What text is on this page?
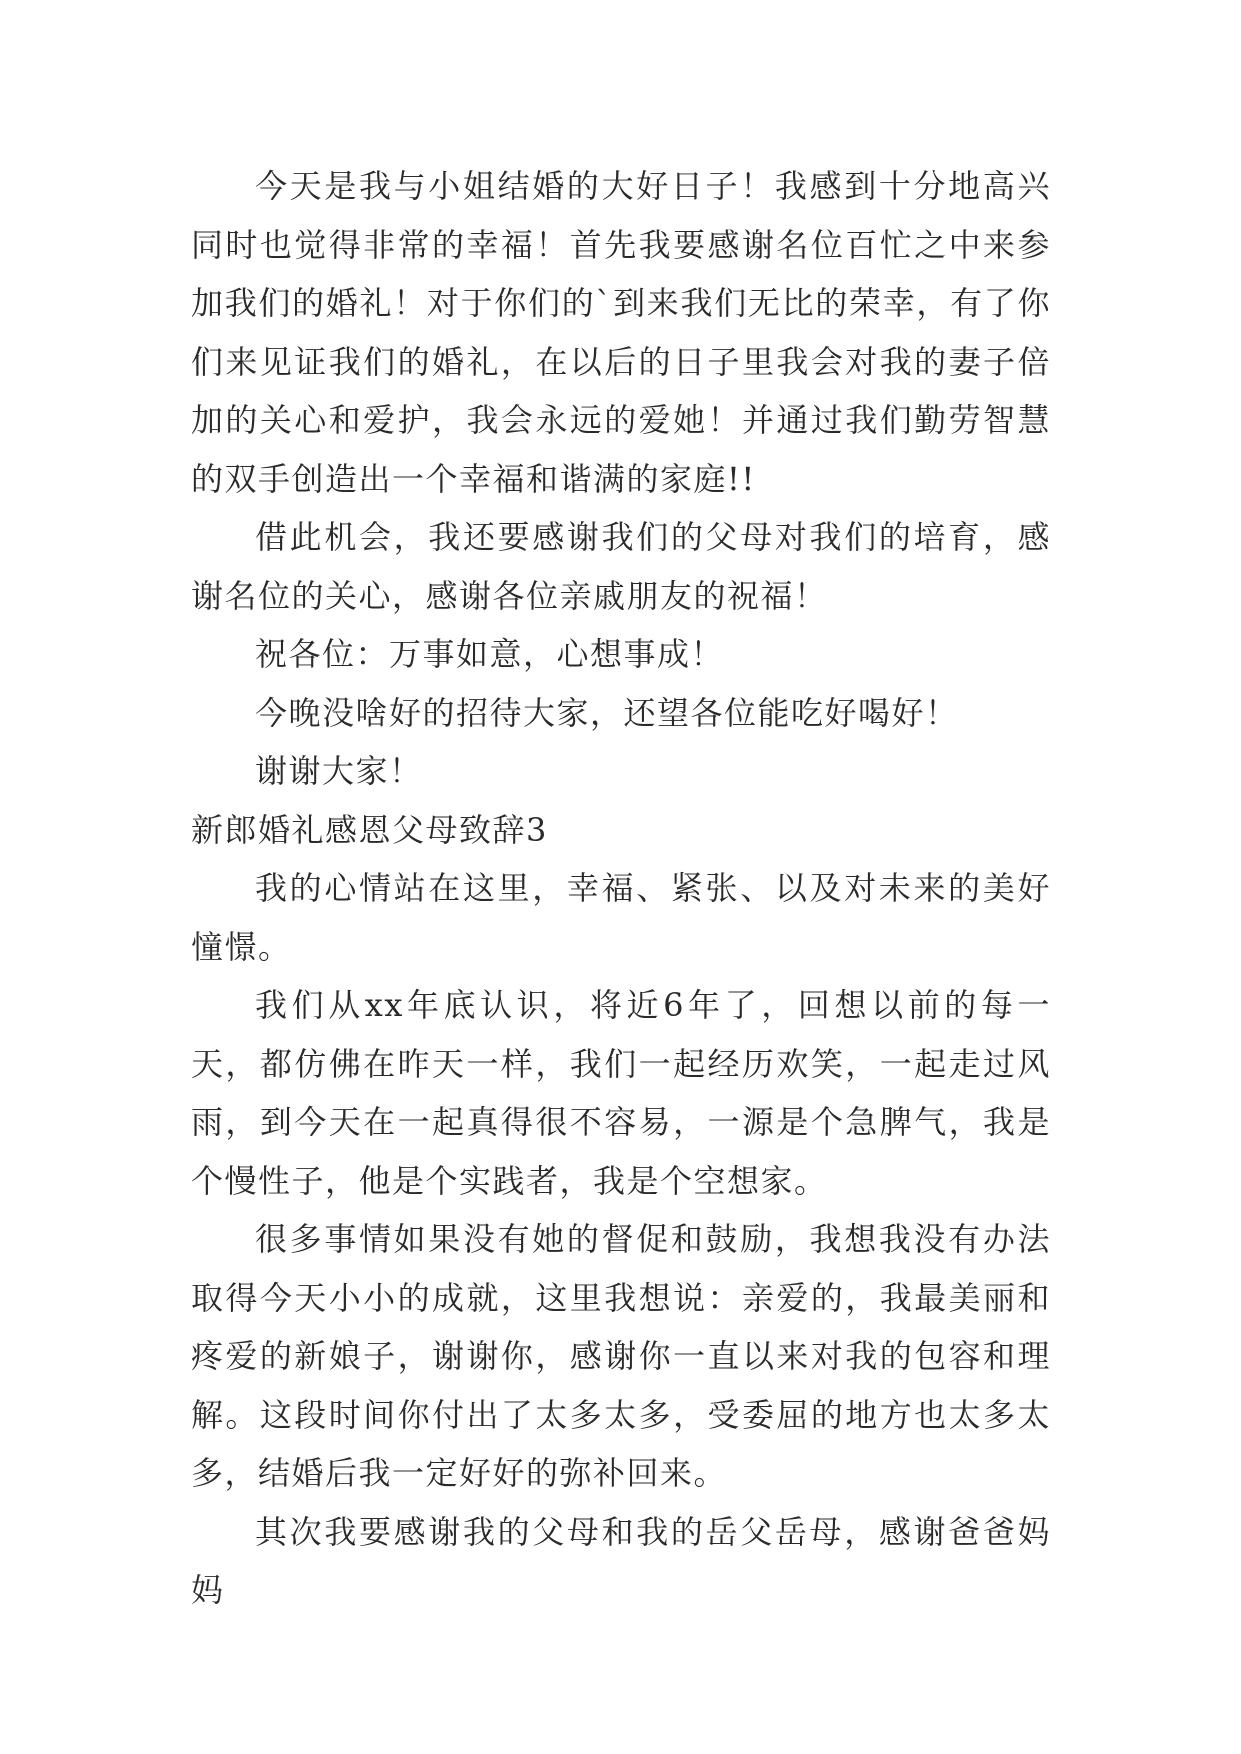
今天是我与小姐结婚的大好日子！我感到十分地高兴同时也觉得非常的幸福！首先我要感谢名位百忙之中来参加我们的婚礼！对于你们的`到来我们无比的荣幸，有了你们来见证我们的婚礼，在以后的日子里我会对我的妻子倍加的关心和爱护，我会永远的爱她！并通过我们勤劳智慧的双手创造出一个幸福和谐满的家庭!!

借此机会，我还要感谢我们的父母对我们的培育，感谢名位的关心，感谢各位亲戚朋友的祝福！

祝各位：万事如意，心想事成！

今晚没啥好的招待大家，还望各位能吃好喝好！

谢谢大家！

新郎婚礼感恩父母致辞3

我的心情站在这里，幸福、紧张、以及对未来的美好憧憬。

我们从xx年底认识，将近6年了，回想以前的每一天，都仿佛在昨天一样，我们一起经历欢笑，一起走过风雨，到今天在一起真得很不容易，一源是个急脾气，我是个慢性子，他是个实践者，我是个空想家。

很多事情如果没有她的督促和鼓励，我想我没有办法取得今天小小的成就，这里我想说：亲爱的，我最美丽和疼爱的新娘子，谢谢你，感谢你一直以来对我的包容和理解。这段时间你付出了太多太多，受委屈的地方也太多太多，结婚后我一定好好的弥补回来。

其次我要感谢我的父母和我的岳父岳母，感谢爸爸妈妈
